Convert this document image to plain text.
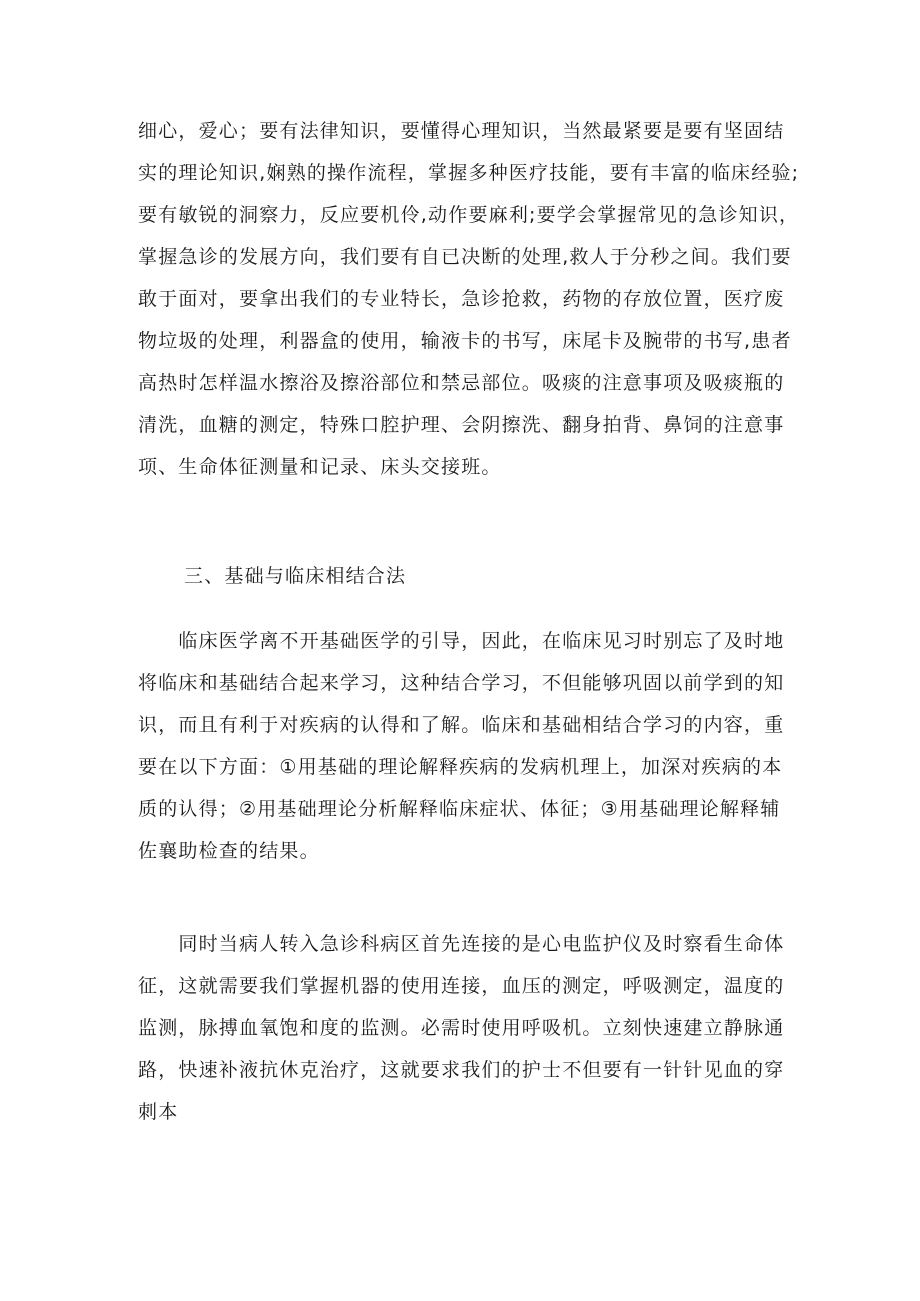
细心，爱心；要有法律知识，要懂得心理知识，当然最紧要是要有坚固结
实的理论知识,娴熟的操作流程，掌握多种医疗技能，要有丰富的临床经验;
要有敏锐的洞察力，反应要机伶,动作要麻利;要学会掌握常见的急诊知识，
掌握急诊的发展方向，我们要有自已决断的处理,救人于分秒之间。我们要
敢于面对，要拿出我们的专业特长，急诊抢救，药物的存放位置，医疗废
物垃圾的处理，利器盒的使用，输液卡的书写，床尾卡及腕带的书写,患者
高热时怎样温水擦浴及擦浴部位和禁忌部位。吸痰的注意事项及吸痰瓶的
清洗，血糖的测定，特殊口腔护理、会阴擦洗、翻身拍背、鼻饲的注意事
项、生命体征测量和记录、床头交接班。
三、基础与临床相结合法
　　临床医学离不开基础医学的引导，因此，在临床见习时别忘了及时地
将临床和基础结合起来学习，这种结合学习，不但能够巩固以前学到的知
识，而且有利于对疾病的认得和了解。临床和基础相结合学习的内容，重
要在以下方面：①用基础的理论解释疾病的发病机理上，加深对疾病的本
质的认得；②用基础理论分析解释临床症状、体征；③用基础理论解释辅
佐襄助检查的结果。
　　同时当病人转入急诊科病区首先连接的是心电监护仪及时察看生命体
征，这就需要我们掌握机器的使用连接，血压的测定，呼吸测定，温度的
监测，脉搏血氧饱和度的监测。必需时使用呼吸机。立刻快速建立静脉通
路，快速补液抗休克治疗，这就要求我们的护士不但要有一针针见血的穿
刺本
